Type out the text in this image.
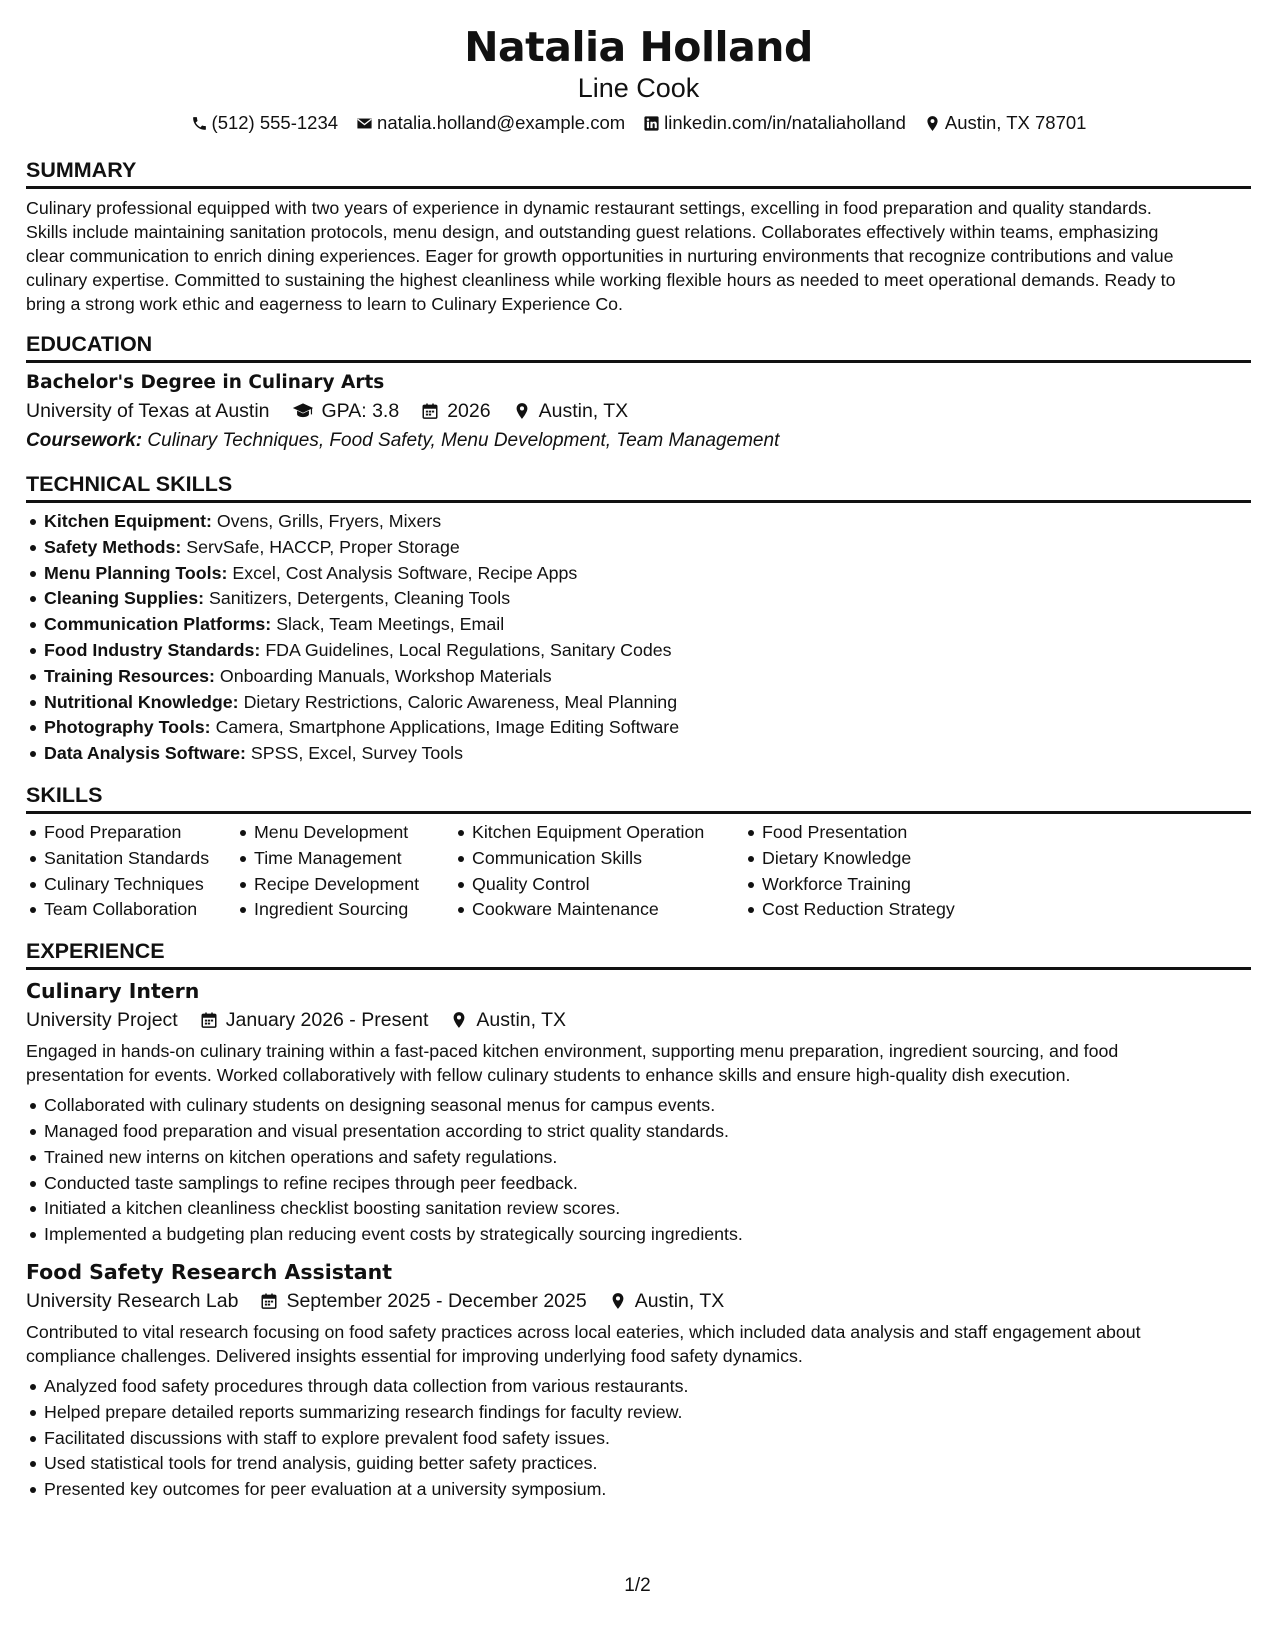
Natalia Holland
Line Cook
(512) 555-1234 natalia.holland@example.com linkedin.com/in/nataliaholland Austin, TX 78701
SUMMARY
Culinary professional equipped with two years of experience in dynamic restaurant settings, excelling in food preparation and quality standards.
Skills include maintaining sanitation protocols, menu design, and outstanding guest relations. Collaborates effectively within teams, emphasizing
clear communication to enrich dining experiences. Eager for growth opportunities in nurturing environments that recognize contributions and value
culinary expertise. Committed to sustaining the highest cleanliness while working flexible hours as needed to meet operational demands. Ready to
bring a strong work ethic and eagerness to learn to Culinary Experience Co.
EDUCATION
Bachelor's Degree in Culinary Arts
University of Texas at Austin	GPA: 3.8 2026 Austin, TX
Coursework: Culinary Techniques, Food Safety, Menu Development, Team Management
TECHNICAL SKILLS
Kitchen Equipment: Ovens, Grills, Fryers, Mixers
Safety Methods: ServSafe, HACCP, Proper Storage
Menu Planning Tools: Excel, Cost Analysis Software, Recipe Apps
Cleaning Supplies: Sanitizers, Detergents, Cleaning Tools
Communication Platforms: Slack, Team Meetings, Email
Food Industry Standards: FDA Guidelines, Local Regulations, Sanitary Codes
Training Resources: Onboarding Manuals, Workshop Materials
Nutritional Knowledge: Dietary Restrictions, Caloric Awareness, Meal Planning
Photography Tools: Camera, Smartphone Applications, Image Editing Software
Data Analysis Software: SPSS, Excel, Survey Tools
SKILLS
Food Preparation
Sanitation Standards
Culinary Techniques
Team Collaboration
Menu Development
Time Management
Recipe Development
Ingredient Sourcing
Kitchen Equipment Operation
Communication Skills
Quality Control
Cookware Maintenance
Food Presentation
Dietary Knowledge
Workforce Training
Cost Reduction Strategy
EXPERIENCE
Culinary Intern
University Project January 2026 - Present Austin, TX
Engaged in hands-on culinary training within a fast-paced kitchen environment, supporting menu preparation, ingredient sourcing, and food
presentation for events. Worked collaboratively with fellow culinary students to enhance skills and ensure high-quality dish execution.
Collaborated with culinary students on designing seasonal menus for campus events.
Managed food preparation and visual presentation according to strict quality standards.
Trained new interns on kitchen operations and safety regulations.
Conducted taste samplings to refine recipes through peer feedback.
Initiated a kitchen cleanliness checklist boosting sanitation review scores.
Implemented a budgeting plan reducing event costs by strategically sourcing ingredients.
Food Safety Research Assistant
University Research Lab September 2025 - December 2025 Austin, TX
Contributed to vital research focusing on food safety practices across local eateries, which included data analysis and staff engagement about
compliance challenges. Delivered insights essential for improving underlying food safety dynamics.
Analyzed food safety procedures through data collection from various restaurants.
Helped prepare detailed reports summarizing research findings for faculty review.
Facilitated discussions with staff to explore prevalent food safety issues.
Used statistical tools for trend analysis, guiding better safety practices.
Presented key outcomes for peer evaluation at a university symposium.
1/2
